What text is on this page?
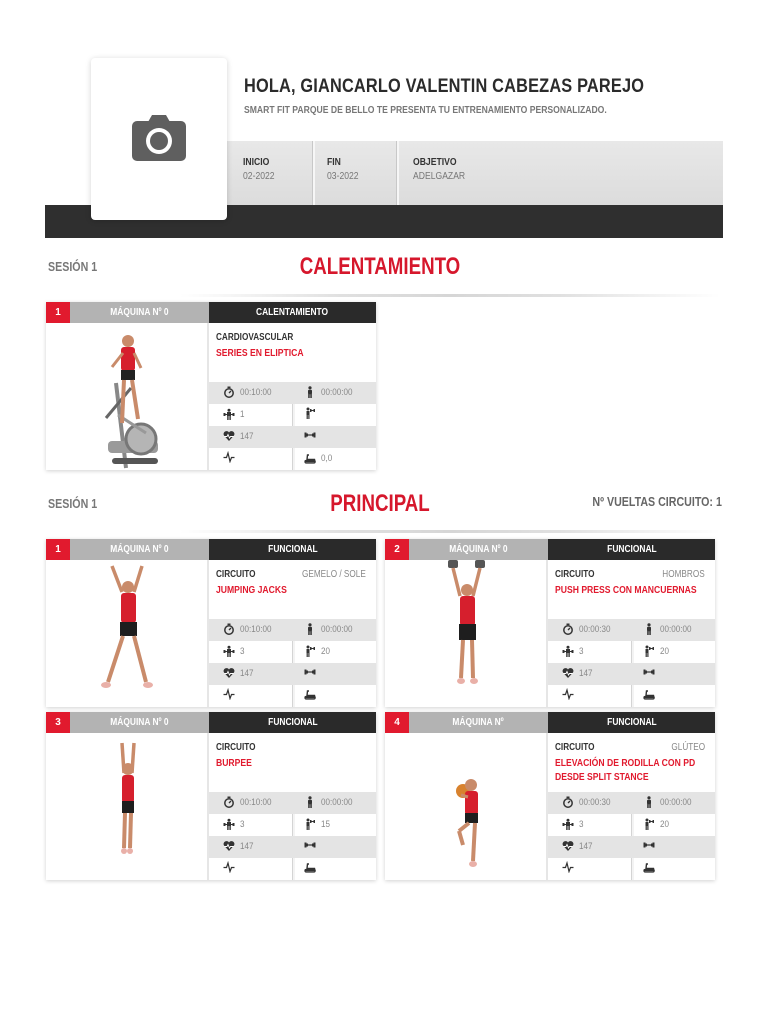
HOLA, GIANCARLO VALENTIN CABEZAS PAREJO
SMART FIT PARQUE DE BELLO TE PRESENTA TU ENTRENAMIENTO PERSONALIZADO.
INICIO
02-2022
FIN
03-2022
OBJETIVO
ADELGAZAR
SESIÓN 1	CALENTAMIENTO
SESIÓN 1	PRINCIPAL	Nº VUELTAS CIRCUITO: 1
1	MÁQUINA Nº 0	CALENTAMIENTO
CARDIOVASCULAR
SERIES EN ELIPTICA
00:10:00	00:00:00
1
147
0,0
1	MÁQUINA Nº 0	FUNCIONAL
CIRCUITO	GEMELO / SOLE
JUMPING JACKS
00:10:00	00:00:00
3	20
147
2	MÁQUINA Nº 0	FUNCIONAL
CIRCUITO	HOMBROS
PUSH PRESS CON MANCUERNAS
00:00:30	00:00:00
3	20
147
3	MÁQUINA Nº 0	FUNCIONAL
CIRCUITO
BURPEE
00:10:00	00:00:00
3	15
147
4	MÁQUINA Nº	FUNCIONAL
CIRCUITO	GLÚTEO
ELEVACIÓN DE RODILLA CON PD DESDE SPLIT STANCE
00:00:30	00:00:00
3	20
147
